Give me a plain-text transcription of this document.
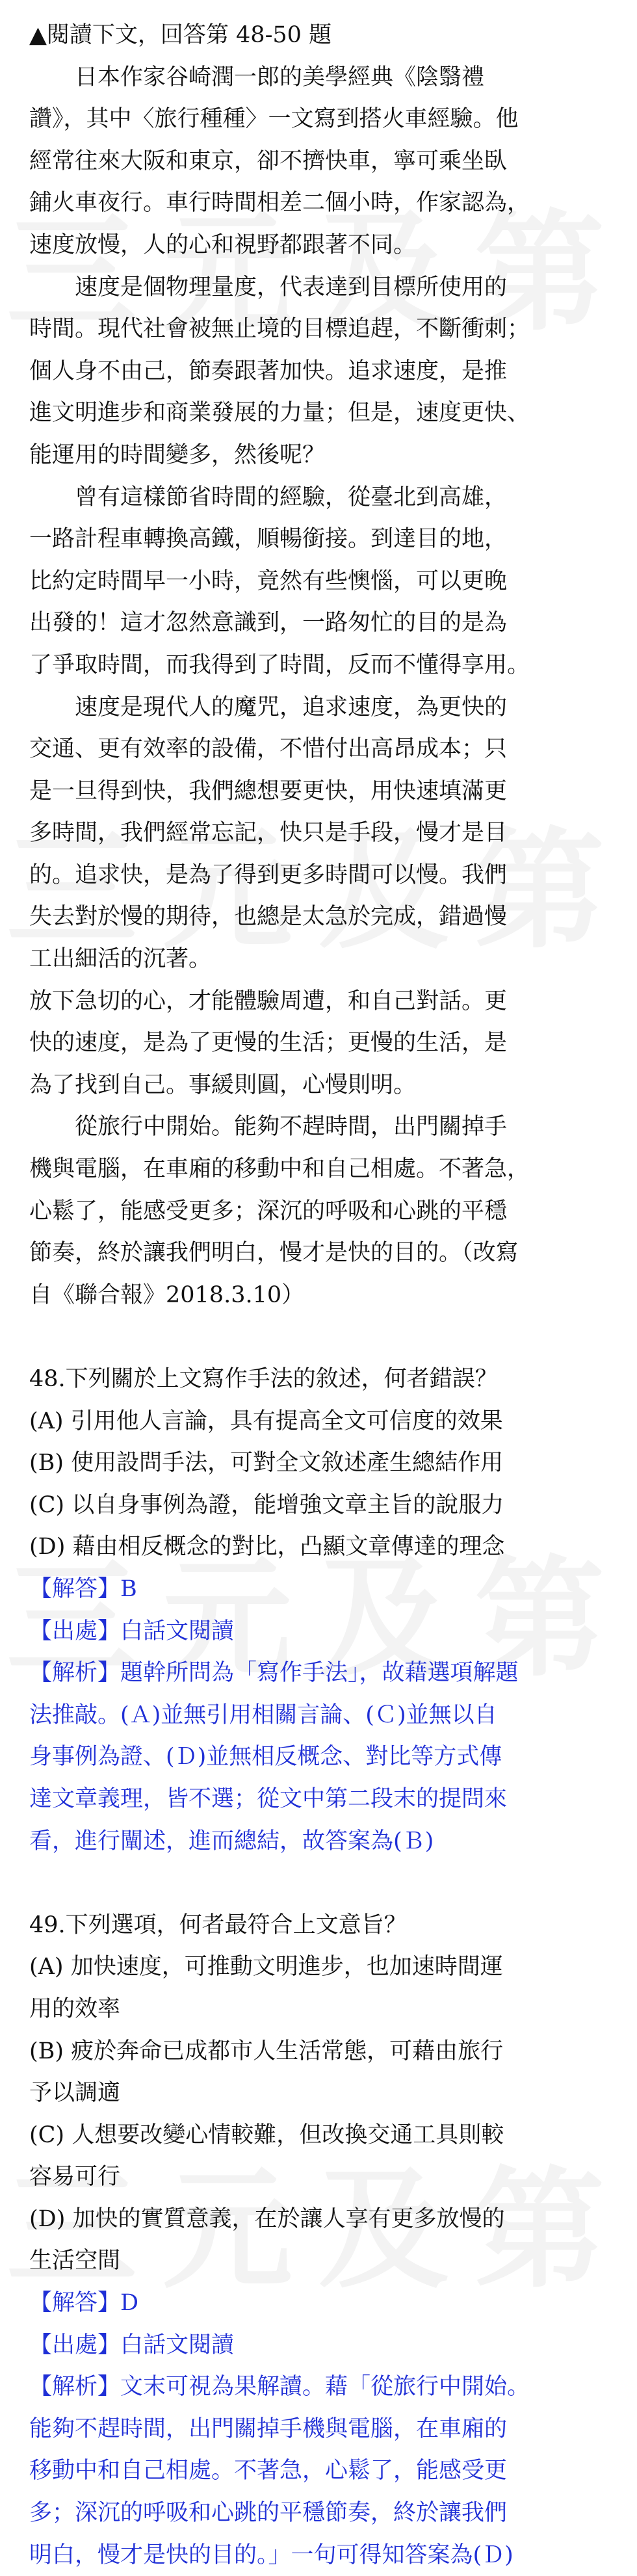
▲閱讀下文，回答第 48-50 題
　　日本作家谷崎潤一郎的美學經典《陰翳禮
讚》，其中〈旅行種種〉一文寫到搭火車經驗。他
經常往來大阪和東京，卻不擠快車，寧可乘坐臥
鋪火車夜行。車行時間相差二個小時，作家認為，
速度放慢，人的心和視野都跟著不同。
　　速度是個物理量度，代表達到目標所使用的
時間。現代社會被無止境的目標追趕，不斷衝刺；
個人身不由己，節奏跟著加快。追求速度，是推
進文明進步和商業發展的力量；但是，速度更快、
能運用的時間變多，然後呢？
　　曾有這樣節省時間的經驗，從臺北到高雄，
一路計程車轉換高鐵，順暢銜接。到達目的地，
比約定時間早一小時，竟然有些懊惱，可以更晚
出發的！這才忽然意識到，一路匆忙的目的是為
了爭取時間，而我得到了時間，反而不懂得享用。
　　速度是現代人的魔咒，追求速度，為更快的
交通、更有效率的設備，不惜付出高昂成本；只
是一旦得到快，我們總想要更快，用快速填滿更
多時間，我們經常忘記，快只是手段，慢才是目
的。追求快，是為了得到更多時間可以慢。我們
失去對於慢的期待，也總是太急於完成，錯過慢
工出細活的沉著。
放下急切的心，才能體驗周遭，和自己對話。更
快的速度，是為了更慢的生活；更慢的生活，是
為了找到自己。事緩則圓，心慢則明。
　　從旅行中開始。能夠不趕時間，出門關掉手
機與電腦，在車廂的移動中和自己相處。不著急，
心鬆了，能感受更多；深沉的呼吸和心跳的平穩
節奏，終於讓我們明白，慢才是快的目的。（改寫
自《聯合報》2018.3.10）
48.下列關於上文寫作手法的敘述，何者錯誤？
(A) 引用他人言論，具有提高全文可信度的效果
(B) 使用設問手法，可對全文敘述產生總結作用
(C) 以自身事例為證，能增強文章主旨的說服力
(D) 藉由相反概念的對比，凸顯文章傳達的理念
【解答】B
【出處】白話文閱讀
【解析】題幹所問為「寫作手法」，故藉選項解題
法推敲。(Ａ)並無引用相關言論、(Ｃ)並無以自
身事例為證、(Ｄ)並無相反概念、對比等方式傳
達文章義理，皆不選；從文中第二段末的提問來
看，進行闡述，進而總結，故答案為(Ｂ)
49.下列選項，何者最符合上文意旨？
(A) 加快速度，可推動文明進步，也加速時間運
用的效率
(B) 疲於奔命已成都市人生活常態，可藉由旅行
予以調適
(C) 人想要改變心情較難，但改換交通工具則較
容易可行
(D) 加快的實質意義，在於讓人享有更多放慢的
生活空間
【解答】D
【出處】白話文閱讀
【解析】文末可視為果解讀。藉「從旅行中開始。
能夠不趕時間，出門關掉手機與電腦，在車廂的
移動中和自己相處。不著急，心鬆了，能感受更
多；深沉的呼吸和心跳的平穩節奏，終於讓我們
明白，慢才是快的目的。」一句可得知答案為(Ｄ)
